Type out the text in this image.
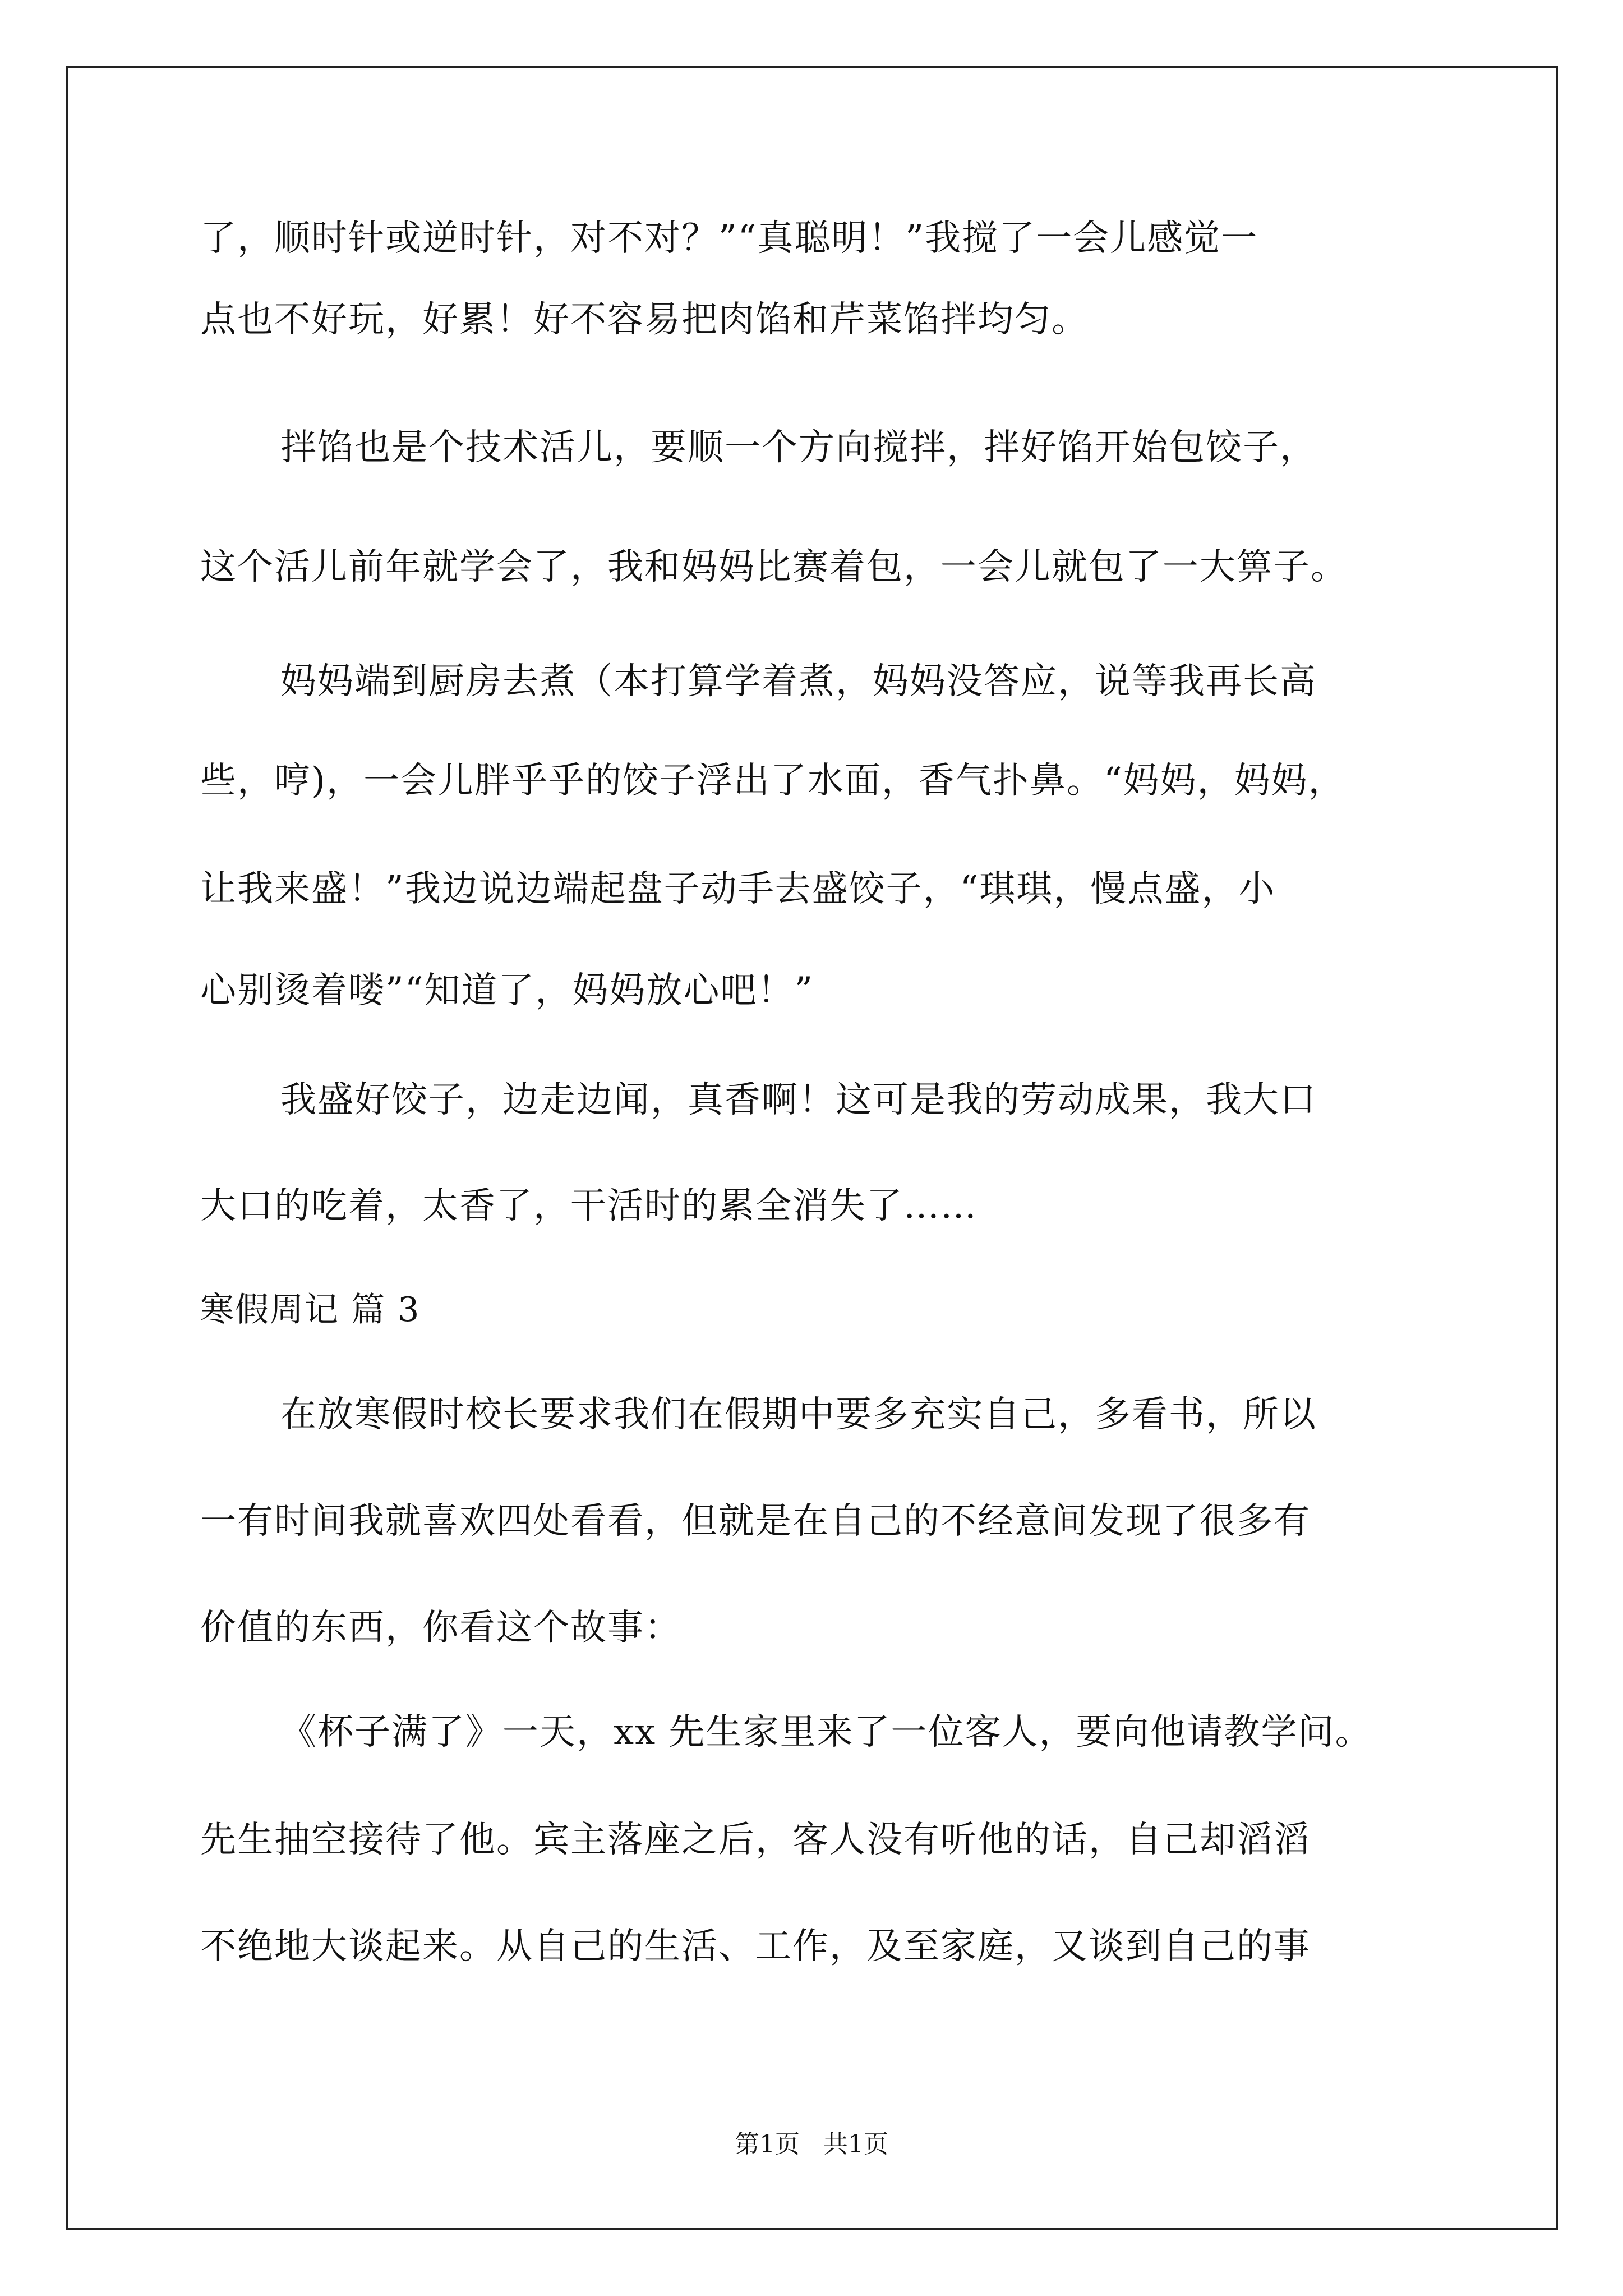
了，顺时针或逆时针，对不对？”“真聪明！”我搅了一会儿感觉一
点也不好玩，好累！好不容易把肉馅和芹菜馅拌均匀。
拌馅也是个技术活儿，要顺一个方向搅拌，拌好馅开始包饺子，
这个活儿前年就学会了，我和妈妈比赛着包，一会儿就包了一大箅子。
妈妈端到厨房去煮（本打算学着煮，妈妈没答应，说等我再长高
些，哼)，一会儿胖乎乎的饺子浮出了水面，香气扑鼻。“妈妈，妈妈，
让我来盛！”我边说边端起盘子动手去盛饺子，“琪琪，慢点盛，小
心别烫着喽”“知道了，妈妈放心吧！”
我盛好饺子，边走边闻，真香啊！这可是我的劳动成果，我大口
大口的吃着，太香了，干活时的累全消失了……
寒假周记 篇 3
在放寒假时校长要求我们在假期中要多充实自己，多看书，所以
一有时间我就喜欢四处看看，但就是在自己的不经意间发现了很多有
价值的东西，你看这个故事：
《杯子满了》一天，xx 先生家里来了一位客人，要向他请教学问。
先生抽空接待了他。宾主落座之后，客人没有听他的话，自己却滔滔
不绝地大谈起来。从自己的生活、工作，及至家庭，又谈到自己的事
第1页   共1页
